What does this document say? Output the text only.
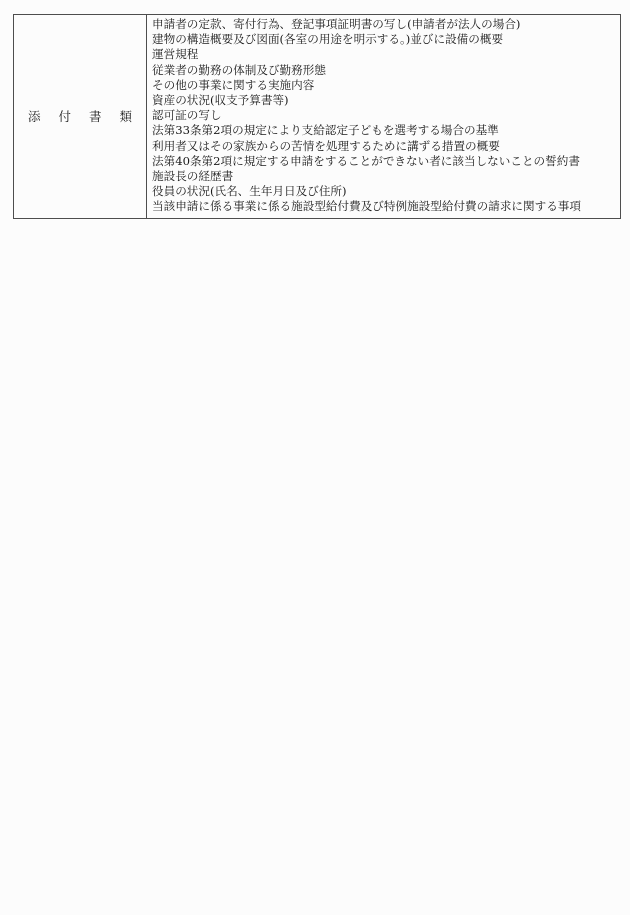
添 付 書 類
申請者の定款、寄付行為、登記事項証明書の写し(申請者が法人の場合)
建物の構造概要及び図面(各室の用途を明示する。)並びに設備の概要
運営規程
従業者の勤務の体制及び勤務形態
その他の事業に関する実施内容
資産の状況(収支予算書等)
認可証の写し
法第33条第2項の規定により支給認定子どもを選考する場合の基準
利用者又はその家族からの苦情を処理するために講ずる措置の概要
法第40条第2項に規定する申請をすることができない者に該当しないことの誓約書
施設長の経歴書
役員の状況(氏名、生年月日及び住所)
当該申請に係る事業に係る施設型給付費及び特例施設型給付費の請求に関する事項
